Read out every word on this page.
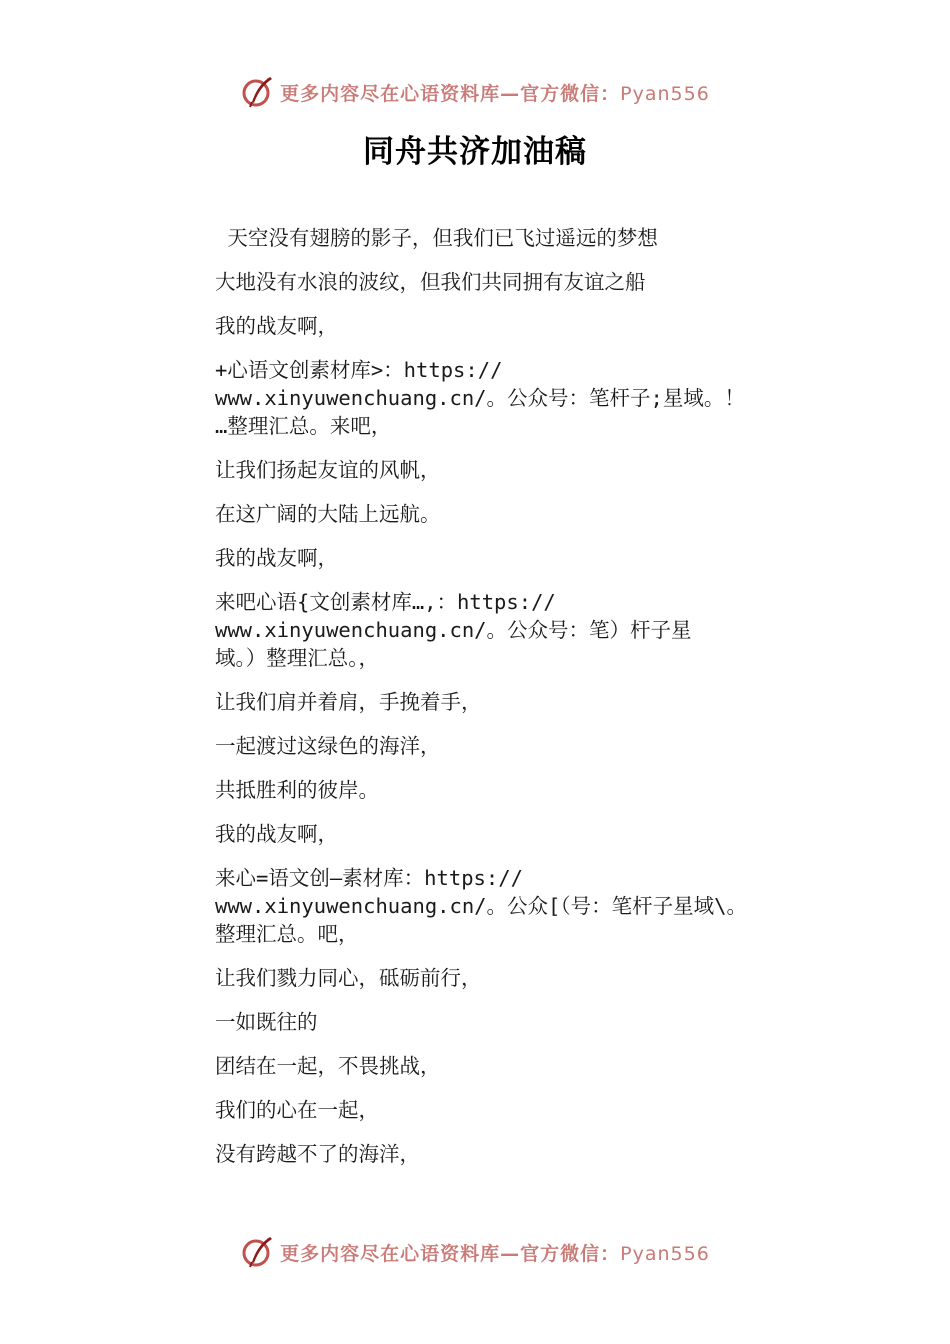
更多内容尽在心语资料库—官方微信：Pyan556
同舟共济加油稿

天空没有翅膀的影子，但我们已飞过遥远的梦想

大地没有水浪的波纹，但我们共同拥有友谊之船

我的战友啊，

+心语文创素材库>：https://
www.xinyuwenchuang.cn/。公众号：笔杆子;星域。！
…整理汇总。来吧，

让我们扬起友谊的风帆，

在这广阔的大陆上远航。

我的战友啊，

来吧心语{文创素材库…,：https://
www.xinyuwenchuang.cn/。公众号：笔）杆子星
域。）整理汇总。，

让我们肩并着肩，手挽着手，

一起渡过这绿色的海洋，

共抵胜利的彼岸。

我的战友啊，

来心=语文创—素材库：https://
www.xinyuwenchuang.cn/。公众[（号：笔杆子星域\。
整理汇总。吧，

让我们戮力同心，砥砺前行，

一如既往的

团结在一起，不畏挑战，

我们的心在一起，

没有跨越不了的海洋，

更多内容尽在心语资料库—官方微信：Pyan556
